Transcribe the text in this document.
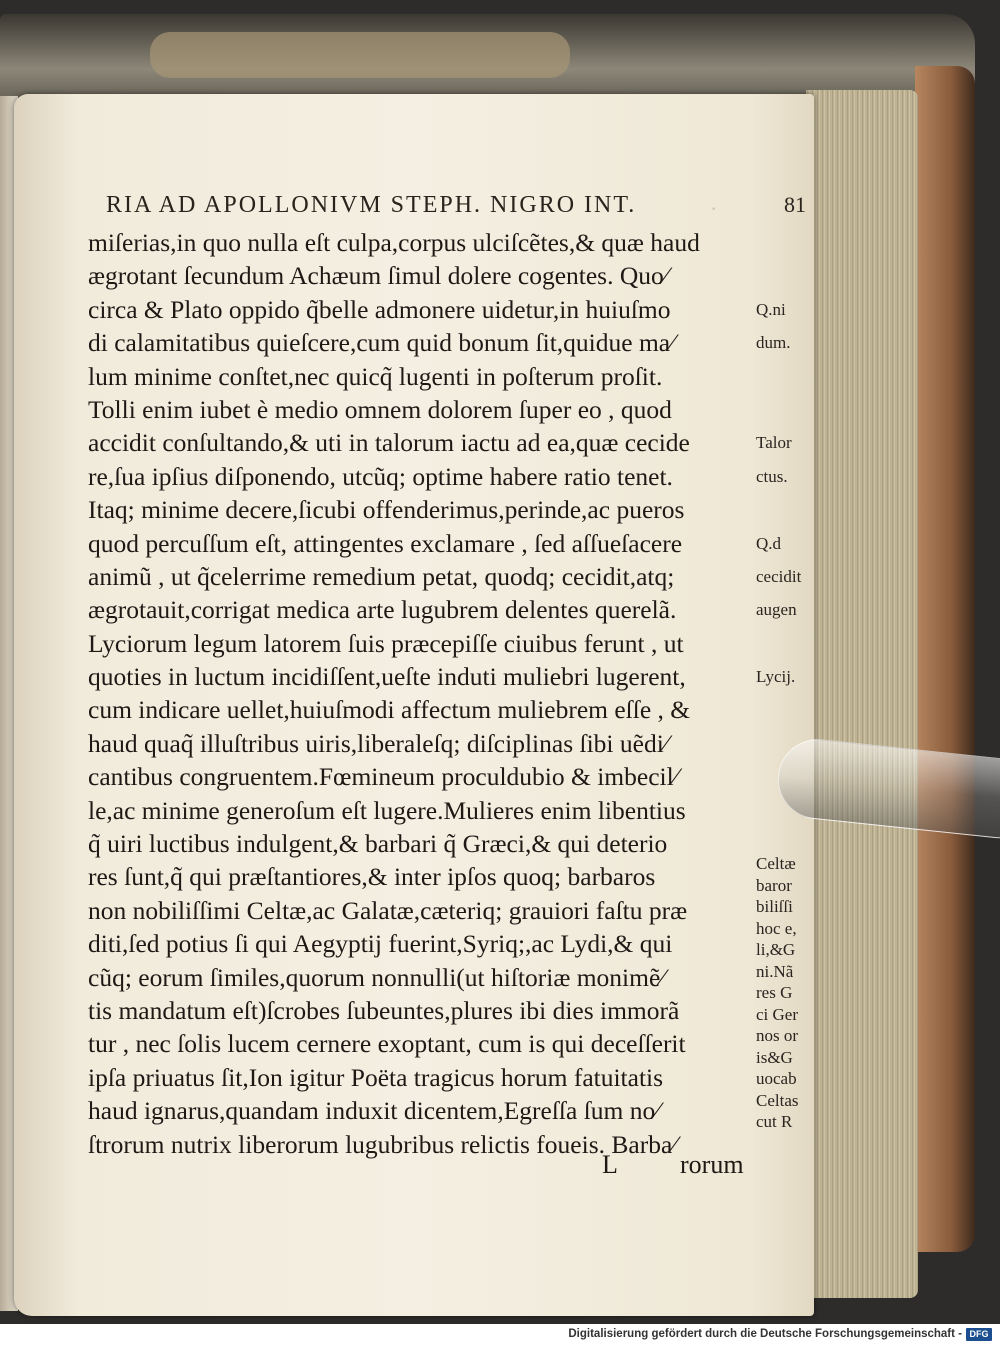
·
RIA AD APOLLONIVM STEPH. NIGRO INT.	81
miſerias,in quo nulla eſt culpa,corpus ulciſcẽtes,& quæ haud
ægrotant ſecundum Achæum ſimul dolere cogentes. Quo⁄
circa & Plato oppido q̃belle admonere uidetur,in huiuſmo
di calamitatibus quieſcere,cum quid bonum ſit,quidue ma⁄
lum minime conſtet,nec quicq̃ lugenti in poſterum proſit.
Tolli enim iubet è medio omnem dolorem ſuper eo , quod
accidit conſultando,& uti in talorum iactu ad ea,quæ cecide
re,ſua ipſius diſponendo, utcũq; optime habere ratio tenet.
Itaq; minime decere,ſicubi offenderimus,perinde,ac pueros
quod percuſſum eſt, attingentes exclamare , ſed aſſueſacere
animũ , ut q̃celerrime remedium petat, quodq; cecidit,atq;
ægrotauit,corrigat medica arte lugubrem delentes querelã.
Lyciorum legum latorem ſuis præcepiſſe ciuibus ferunt , ut
quoties in luctum incidiſſent,ueſte induti muliebri lugerent,
cum indicare uellet,huiuſmodi affectum muliebrem eſſe , &
haud quaq̃ illuſtribus uiris,liberaleſq; diſciplinas ſibi uẽdi⁄
cantibus congruentem.Fœmineum proculdubio & imbecil⁄
le,ac minime generoſum eſt lugere.Mulieres enim libentius
q̃ uiri luctibus indulgent,& barbari q̃ Græci,& qui deterio
res ſunt,q̃ qui præſtantiores,& inter ipſos quoq; barbaros
non nobiliſſimi Celtæ,ac Galatæ,cæteriq; grauiori faſtu præ
diti,ſed potius ſi qui Aegyptij fuerint,Syriq;,ac Lydi,& qui
cũq; eorum ſimiles,quorum nonnulli(ut hiſtoriæ monimẽ⁄
tis mandatum eſt)ſcrobes ſubeuntes,plures ibi dies immorã
tur , nec ſolis lucem cernere exoptant, cum is qui deceſſerit
ipſa priuatus ſit,Ion igitur Poëta tragicus horum fatuitatis
haud ignarus,quandam induxit dicentem,Egreſſa ſum no⁄
ſtrorum nutrix liberorum lugubribus relictis foueis. Barba⁄
L rorum
Q.ni
dum.
Talor
ctus.
Q.d
cecidit
augen
Lycij.
Celtæ
baror
biliſſi
hoc e,
li,&G
ni.Nã
res G
ci Ger
nos or
is&G
uocab
Celtas
cut R
Digitalisierung gefördert durch die Deutsche Forschungsgemeinschaft - DFG
